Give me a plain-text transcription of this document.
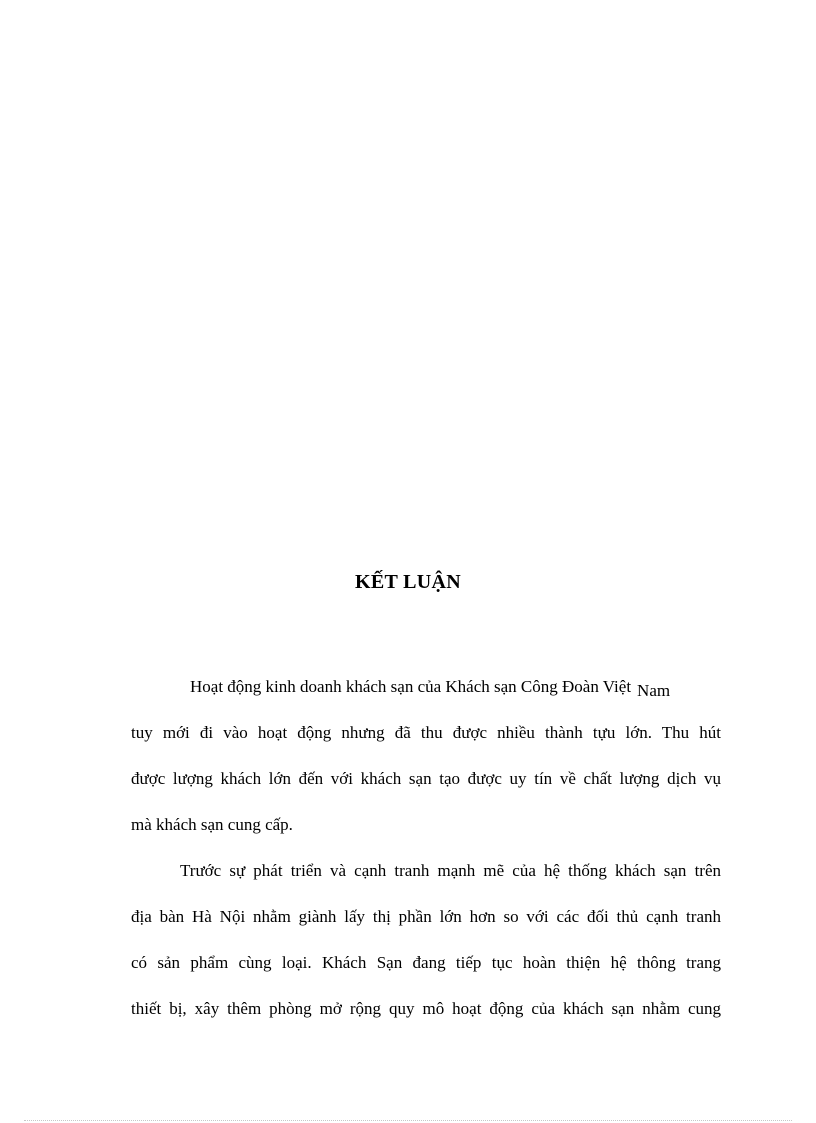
KẾT LUẬN
Hoạt động kinh doanh khách sạn của Khách sạn Công Đoàn Việt Nam
tuy mới đi vào hoạt động nhưng đã thu được nhiều thành tựu lớn. Thu hút
được lượng khách lớn đến với khách sạn tạo được uy tín về chất lượng dịch vụ
mà khách sạn cung cấp.
Trước sự phát triển và cạnh tranh mạnh mẽ của hệ thống khách sạn trên
địa bàn Hà Nội nhằm giành lấy thị phần lớn hơn so với các đối thủ cạnh tranh
có sản phẩm cùng loại. Khách Sạn đang tiếp tục hoàn thiện hệ thông trang
thiết bị, xây thêm phòng mở rộng quy mô hoạt động của khách sạn nhằm cung
